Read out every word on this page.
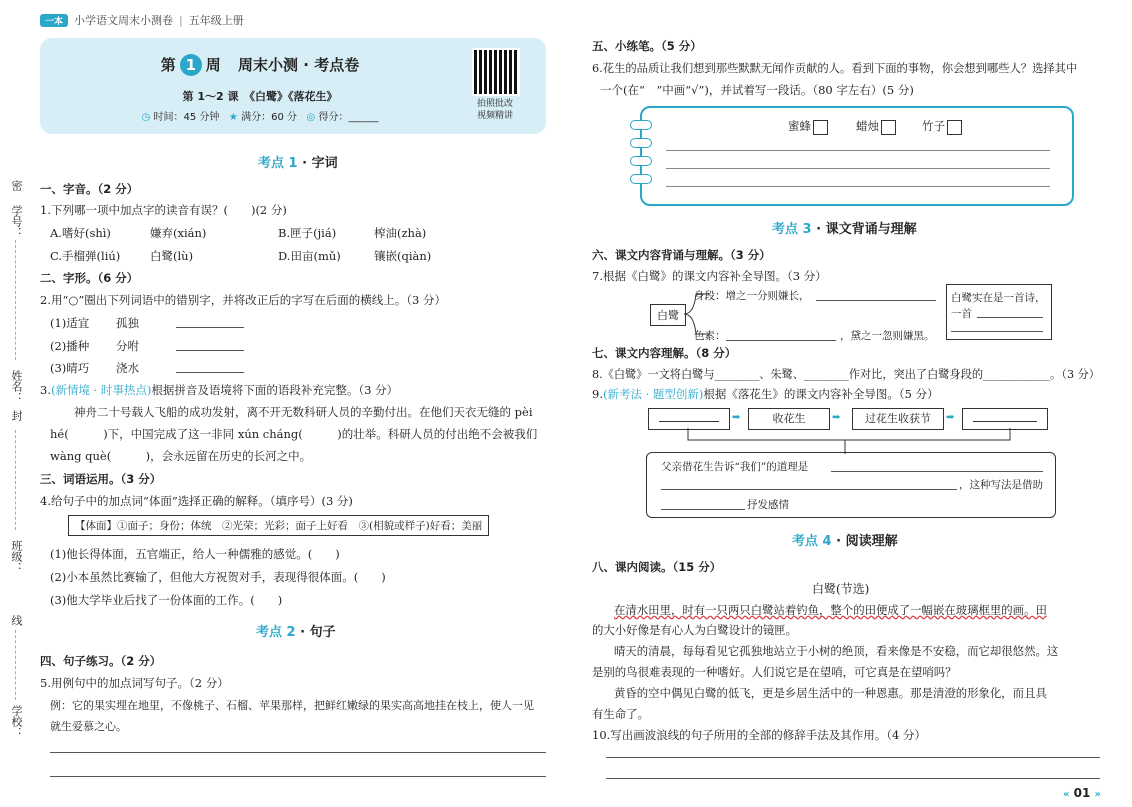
密
学号：
姓名：
封
班级：
线
学校：
一本	小学语文周末小测卷 | 五年级上册
第 1 周 周末小测 · 考点卷
第 1～2 课　《白鹭》《落花生》
◷ 时间：45 分钟 ★ 满分：60 分 ◎ 得分：______
拍照批改
视频精讲
考点 1 · 字词
一、字音。（2 分）
1.下列哪一项中加点字的读音有误？(　　)(2 分)
A.嗜好(shì)	嫌弃(xián)	B.匣子(jiá)	榨油(zhà)
C.手榴弹(liú)	白鹭(lù)	D.田亩(mǔ)	镶嵌(qiàn)
二、字形。（6 分）
2.用“○”圈出下列词语中的错别字，并将改正后的字写在后面的横线上。（3 分）
(1)适宜 孤独
(2)播种 分咐
(3)晴巧 浇水
3.(新情境 · 时事热点)根据拼音及语境将下面的语段补充完整。（3 分）
神舟二十号载人飞船的成功发射，离不开无数科研人员的辛勤付出。在他们天衣无缝的 pèi
hé(　　　)下，中国完成了这一非同 xún cháng(　　　)的壮举。科研人员的付出绝不会被我们
wàng què(　　　)，会永远留在历史的长河之中。
三、词语运用。（3 分）
4.给句子中的加点词“体面”选择正确的解释。（填序号）(3 分)
【体面】①面子；身份；体统　②光荣；光彩；面子上好看　③(相貌或样子)好看；美丽
(1)他长得体面，五官端正，给人一种儒雅的感觉。(　　)
(2)小本虽然比赛输了，但他大方祝贺对手，表现得很体面。(　　)
(3)他大学毕业后找了一份体面的工作。(　　)
考点 2 · 句子
四、句子练习。（2 分）
5.用例句中的加点词写句子。（2 分）
例：它的果实埋在地里，不像桃子、石榴、苹果那样，把鲜红嫩绿的果实高高地挂在枝上，使人一见
就生爱慕之心。
五、小练笔。（5 分）
6.花生的品质让我们想到那些默默无闻作贡献的人。看到下面的事物，你会想到哪些人？选择其中
一个(在“　”中画“√”)，并试着写一段话。（80 字左右）(5 分)
蜜蜂	蜡烛	竹子
考点 3 · 课文背诵与理解
六、课文内容背诵与理解。（3 分）
7.根据《白鹭》的课文内容补全导图。（3 分）
白鹭
身段：增之一分则嫌长，
色素：	，黛之一忽则嫌黑。
白鹭实在是一首诗，
一首
七、课文内容理解。（8 分）
8.《白鹭》一文将白鹭与________、朱鹭、________作对比，突出了白鹭身段的____________。（3 分）
9.(新考法 · 题型创新)根据《落花生》的课文内容补全导图。（5 分）
➡	收花生	➡	过花生收获节	➡
父亲借花生告诉“我们”的道理是
，这种写法是借助
抒发感情
考点 4 · 阅读理解
八、课内阅读。（15 分）
白鹭(节选)
在清水田里，时有一只两只白鹭站着钓鱼，整个的田便成了一幅嵌在玻璃框里的画。田
的大小好像是有心人为白鹭设计的镜匣。
晴天的清晨，每每看见它孤独地站立于小树的绝顶，看来像是不安稳，而它却很悠然。这
是别的鸟很难表现的一种嗜好。人们说它是在望哨，可它真是在望哨吗？
黄昏的空中偶见白鹭的低飞，更是乡居生活中的一种恩惠。那是清澄的形象化，而且具
有生命了。
10.写出画波浪线的句子所用的全部的修辞手法及其作用。（4 分）
« 01 »
